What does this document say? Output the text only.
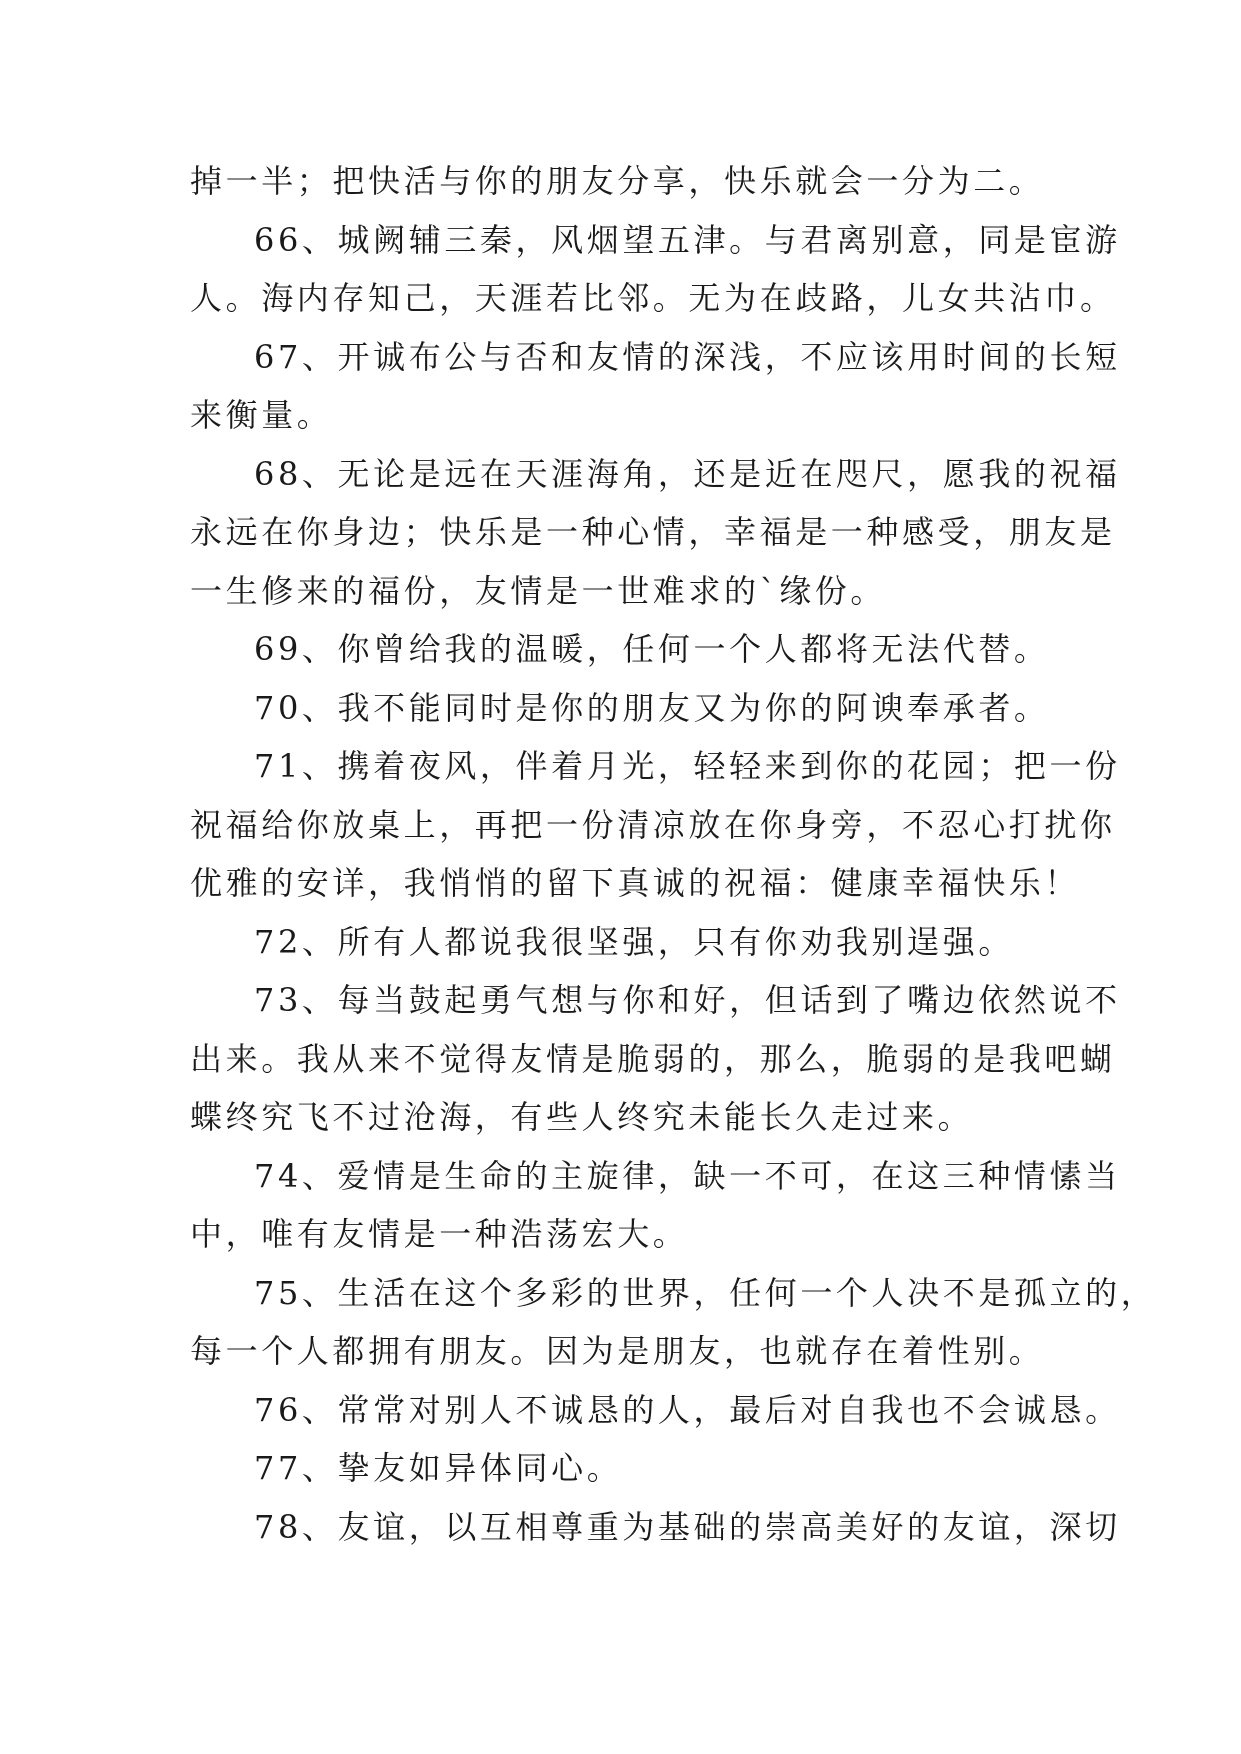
掉一半；把快活与你的朋友分享，快乐就会一分为二。
66、城阙辅三秦，风烟望五津。与君离别意，同是宦游
人。海内存知己，天涯若比邻。无为在歧路，儿女共沾巾。
67、开诚布公与否和友情的深浅，不应该用时间的长短
来衡量。
68、无论是远在天涯海角，还是近在咫尺，愿我的祝福
永远在你身边；快乐是一种心情，幸福是一种感受，朋友是
一生修来的福份，友情是一世难求的`缘份。
69、你曾给我的温暖，任何一个人都将无法代替。
70、我不能同时是你的朋友又为你的阿谀奉承者。
71、携着夜风，伴着月光，轻轻来到你的花园；把一份
祝福给你放桌上，再把一份清凉放在你身旁，不忍心打扰你
优雅的安详，我悄悄的留下真诚的祝福：健康幸福快乐！
72、所有人都说我很坚强，只有你劝我别逞强。
73、每当鼓起勇气想与你和好，但话到了嘴边依然说不
出来。我从来不觉得友情是脆弱的，那么，脆弱的是我吧蝴
蝶终究飞不过沧海，有些人终究未能长久走过来。
74、爱情是生命的主旋律，缺一不可，在这三种情愫当
中，唯有友情是一种浩荡宏大。
75、生活在这个多彩的世界，任何一个人决不是孤立的，
每一个人都拥有朋友。因为是朋友，也就存在着性别。
76、常常对别人不诚恳的人，最后对自我也不会诚恳。
77、挚友如异体同心。
78、友谊，以互相尊重为基础的崇高美好的友谊，深切
